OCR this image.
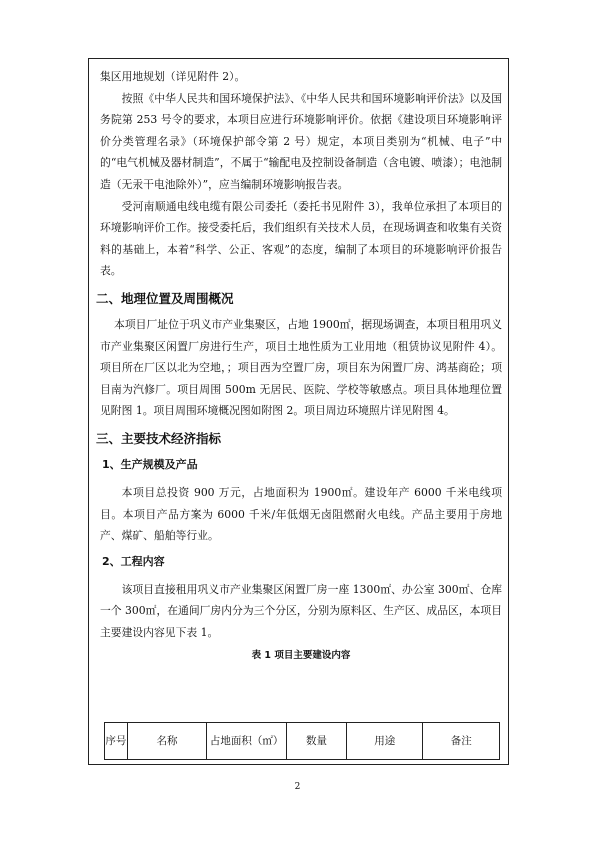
集区用地规划（详见附件 2）。

按照《中华人民共和国环境保护法》、《中华人民共和国环境影响评价法》以及国务院第 253 号令的要求，本项目应进行环境影响评价。依据《建设项目环境影响评价分类管理名录》（环境保护部令第 2 号）规定，本项目类别为“机械、电子”中的“电气机械及器材制造”，不属于“输配电及控制设备制造（含电镀、喷漆）；电池制造（无汞干电池除外）”，应当编制环境影响报告表。

受河南顺通电线电缆有限公司委托（委托书见附件 3），我单位承担了本项目的环境影响评价工作。接受委托后，我们组织有关技术人员，在现场调查和收集有关资料的基础上，本着“科学、公正、客观”的态度，编制了本项目的环境影响评价报告表。

二、地理位置及周围概况

本项目厂址位于巩义市产业集聚区，占地 1900㎡，据现场调查，本项目租用巩义市产业集聚区闲置厂房进行生产，项目土地性质为工业用地（租赁协议见附件 4）。项目所在厂区以北为空地，；项目西为空置厂房，项目东为闲置厂房、鸿基商砼；项目南为汽修厂。项目周围 500m 无居民、医院、学校等敏感点。项目具体地理位置见附图 1。项目周围环境概况图如附图 2。项目周边环境照片详见附图 4。

三、主要技术经济指标
1、生产规模及产品

本项目总投资 900 万元，占地面积为 1900㎡。建设年产 6000 千米电线项目。本项目产品方案为 6000 千米/年低烟无卤阻燃耐火电线。产品主要用于房地产、煤矿、船舶等行业。

2、工程内容

该项目直接租用巩义市产业集聚区闲置厂房一座 1300㎡、办公室 300㎡、仓库一个 300㎡，在通间厂房内分为三个分区，分别为原料区、生产区、成品区，本项目主要建设内容见下表 1。

表 1 项目主要建设内容
序号	名称	占地面积（㎡）	数量	用途	备注
2
